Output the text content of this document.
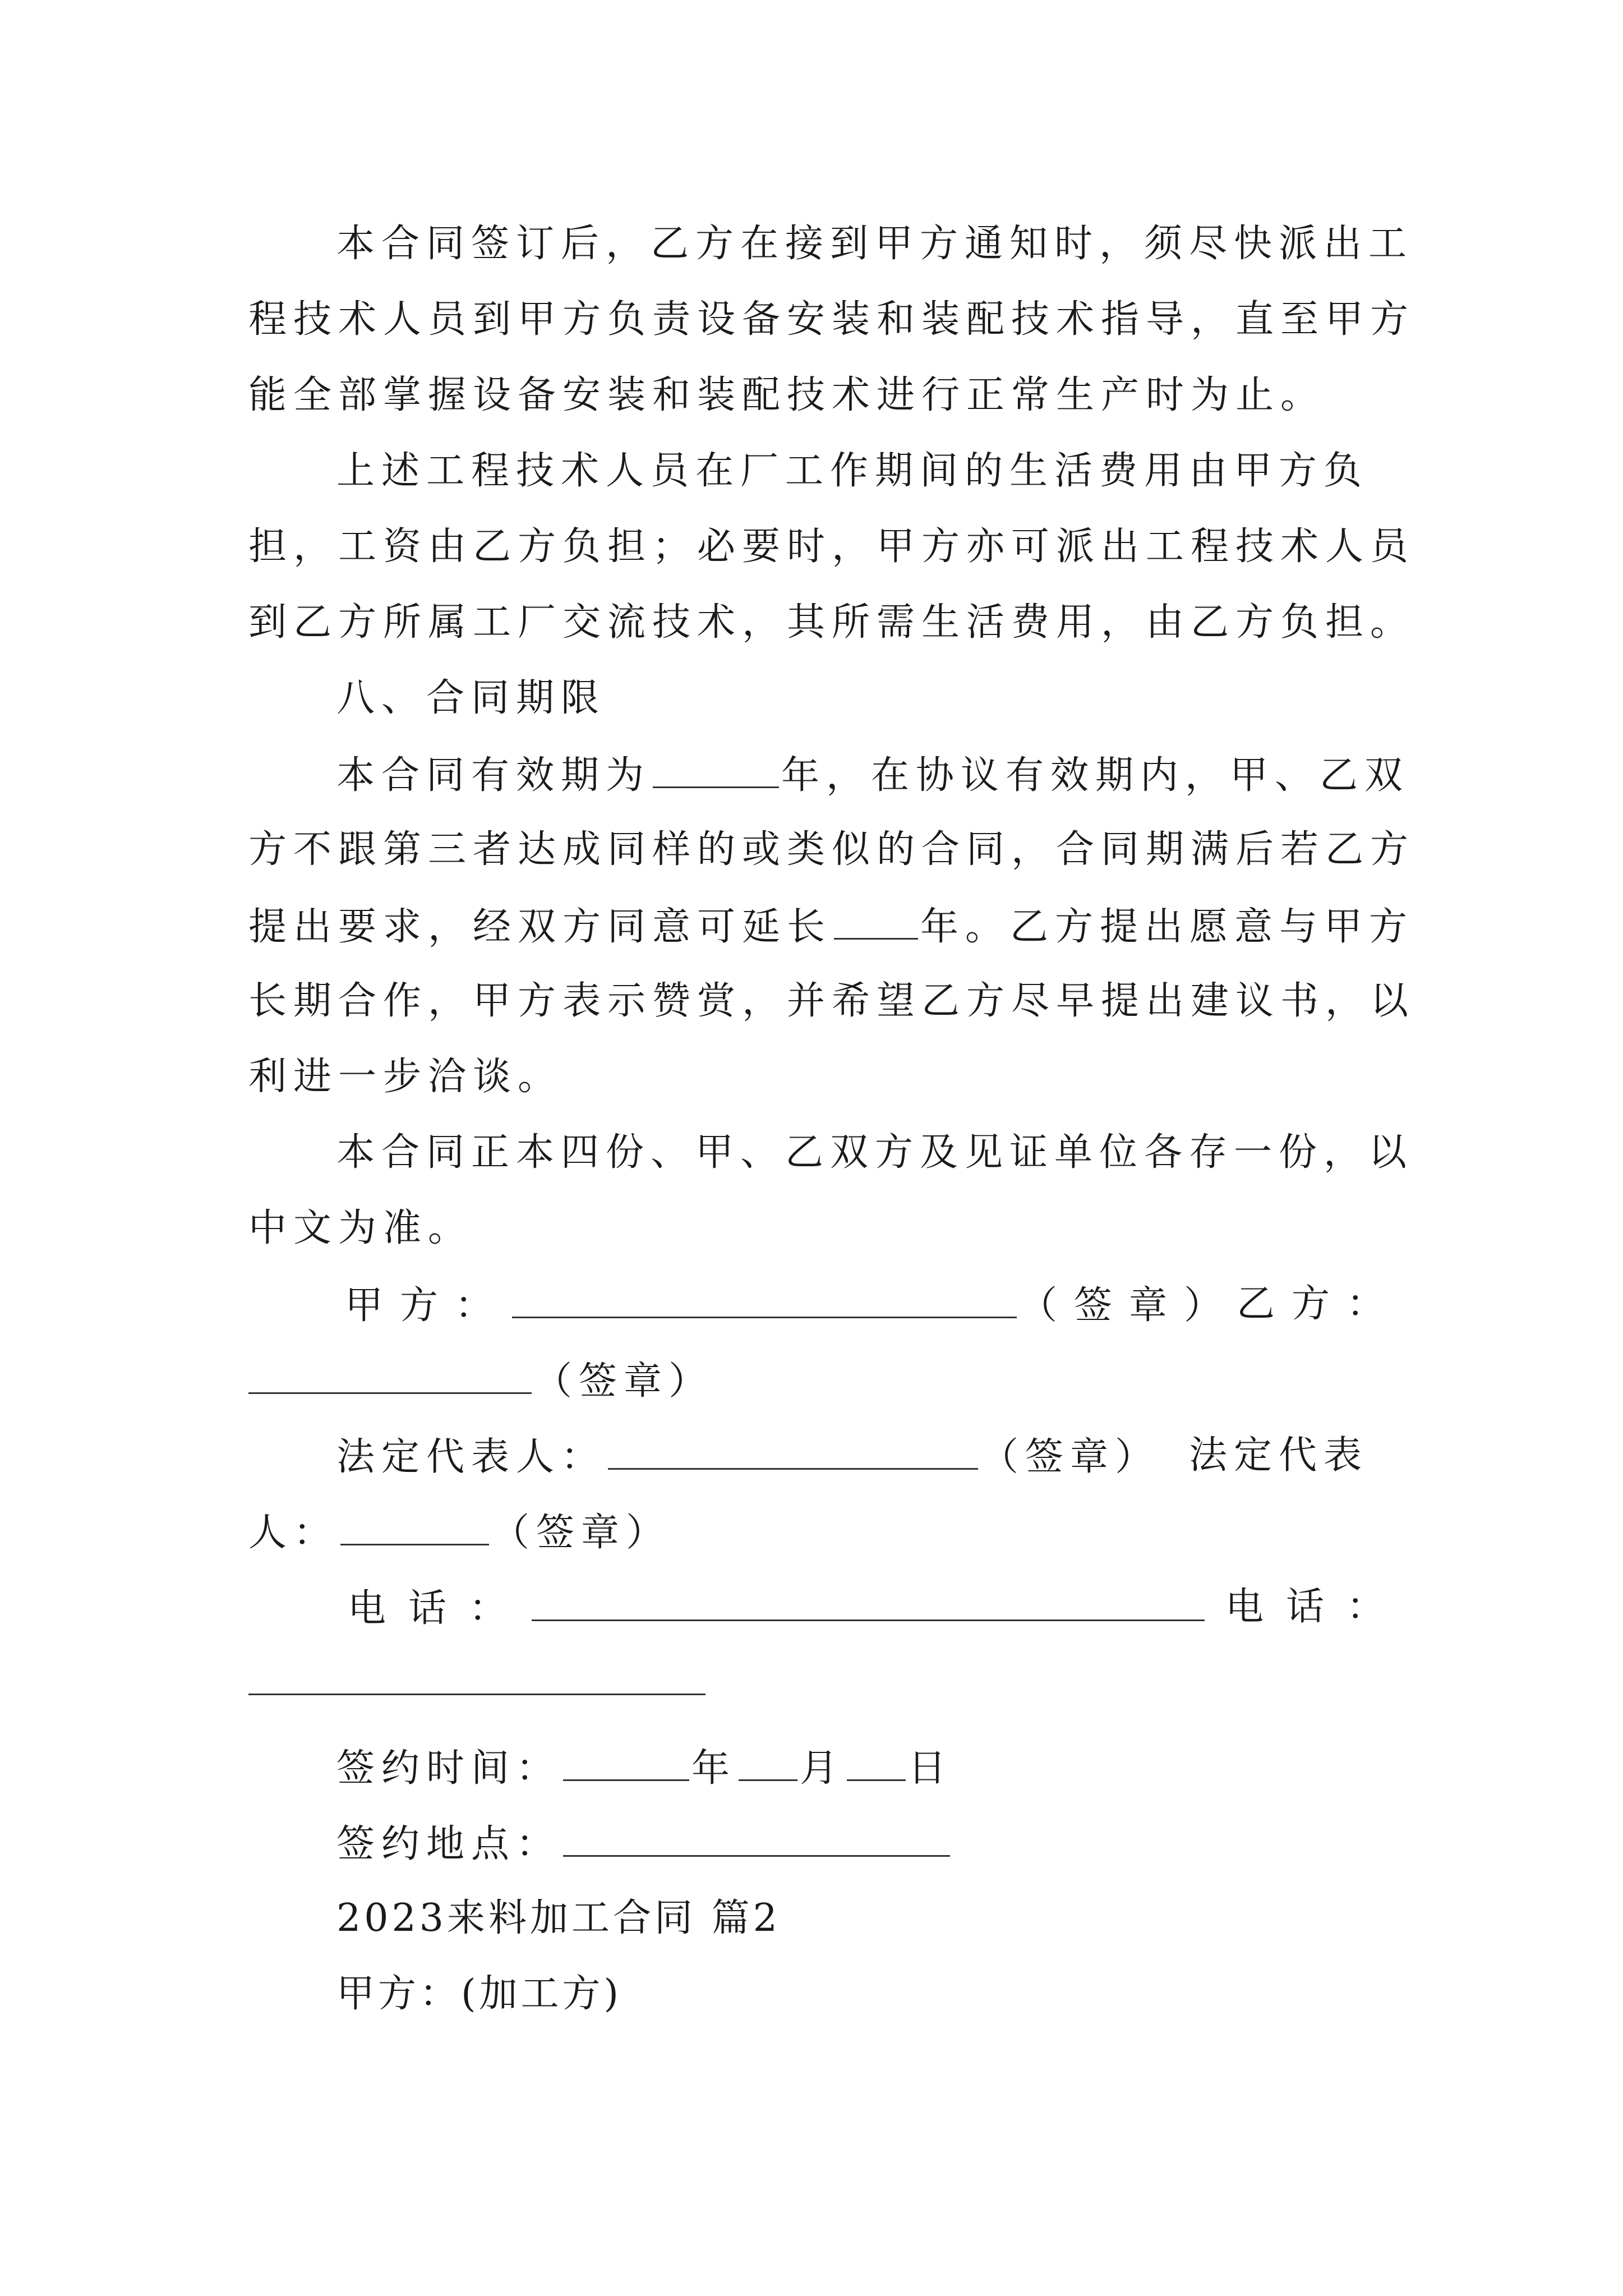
本合同签订后，乙方在接到甲方通知时，须尽快派出工
程技术人员到甲方负责设备安装和装配技术指导，直至甲方
能全部掌握设备安装和装配技术进行正常生产时为止。
上述工程技术人员在厂工作期间的生活费用由甲方负
担，工资由乙方负担；必要时，甲方亦可派出工程技术人员
到乙方所属工厂交流技术，其所需生活费用，由乙方负担。
八、合同期限
本合同有效期为	年，在协议有效期内，甲、乙双
方不跟第三者达成同样的或类似的合同，合同期满后若乙方
提出要求，经双方同意可延长 年。乙方提出愿意与甲方
长期合作，甲方表示赞赏，并希望乙方尽早提出建议书，以
利进一步洽谈。
本合同正本四份、甲、乙双方及见证单位各存一份，以
中文为准。
甲方：	（签章）
乙方：
（签章）
法定代表人：	（签章） 法定代表
人：	（签章）
电话：	电话：
签约时间：	年 月 日
签约地点：
2023来料加工合同 篇2
甲方：(加工方)
